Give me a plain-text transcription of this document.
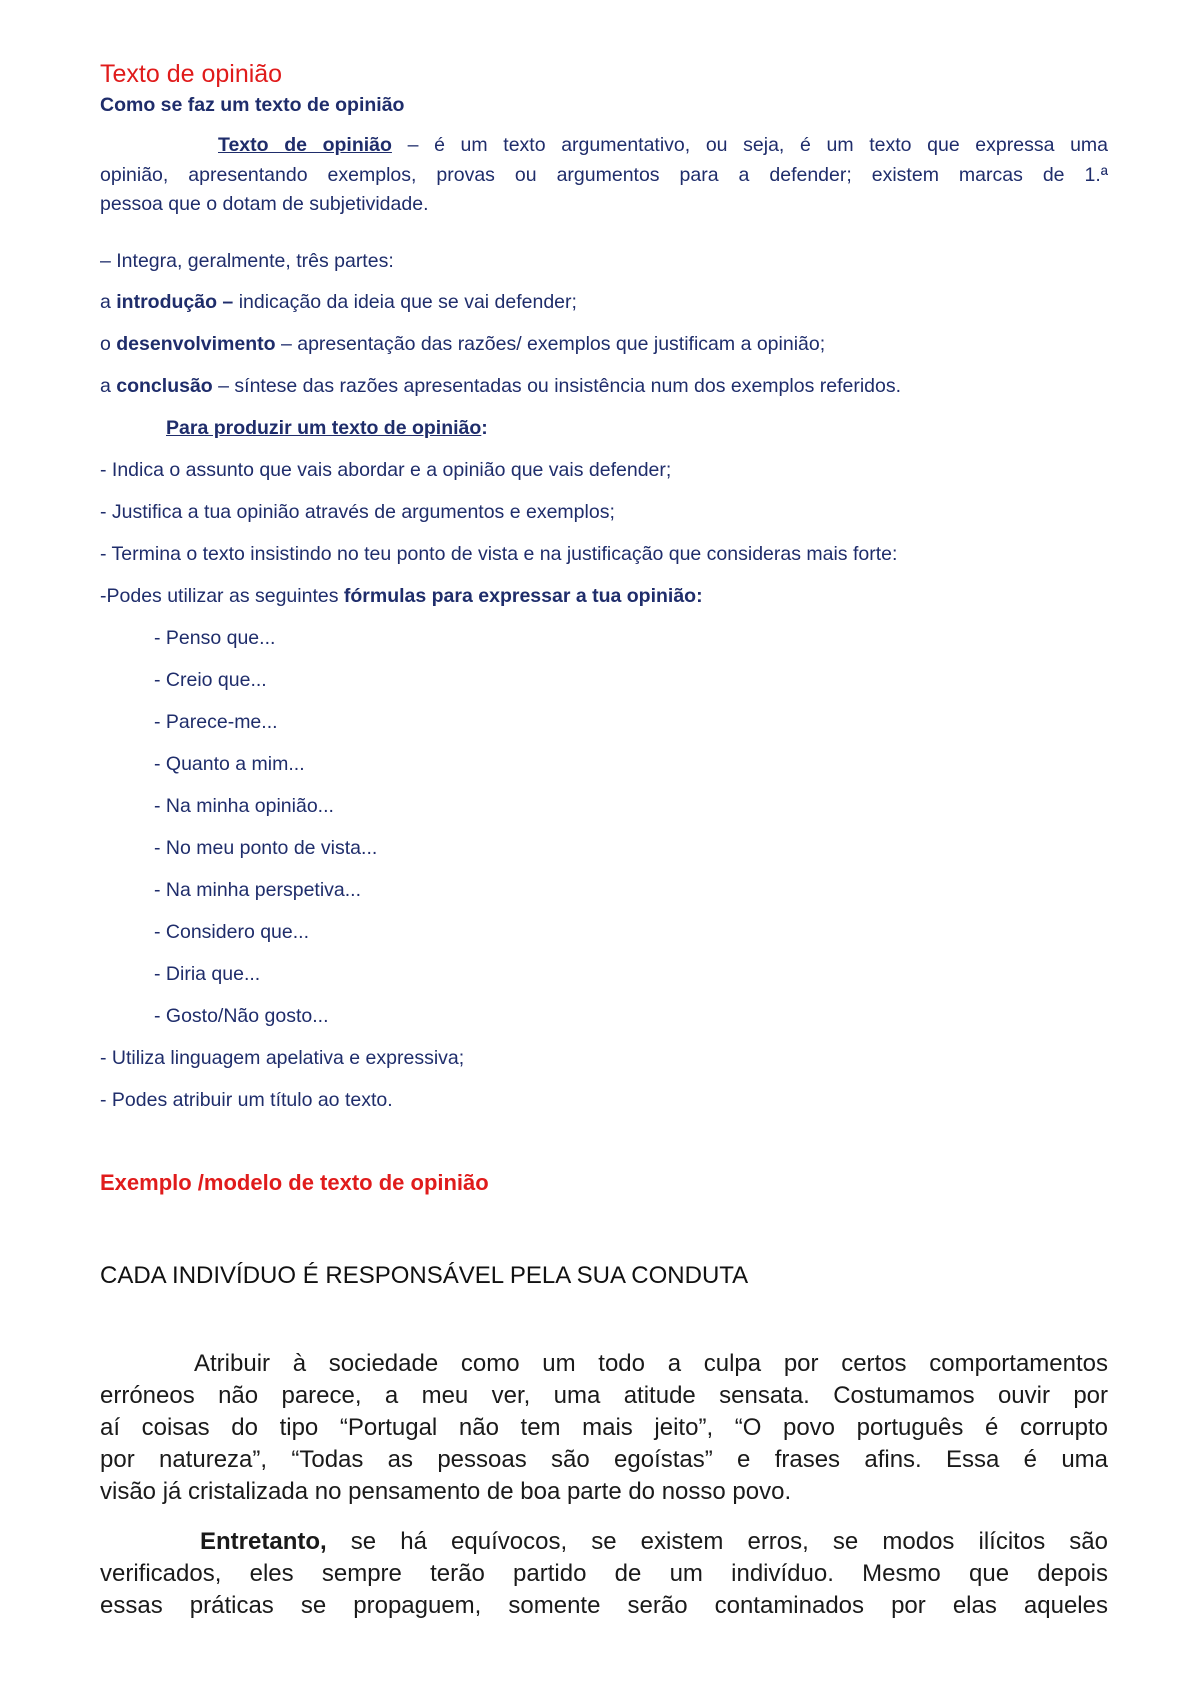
Texto de opinião
Como se faz um texto de opinião
Texto de opinião – é um texto argumentativo, ou seja, é um texto que expressa uma
opinião, apresentando exemplos, provas ou argumentos para a defender; existem marcas de 1.ª
pessoa que o dotam de subjetividade.
– Integra, geralmente, três partes:
a introdução – indicação da ideia que se vai defender;
o desenvolvimento – apresentação das razões/ exemplos que justificam a opinião;
a conclusão – síntese das razões apresentadas ou insistência num dos exemplos referidos.
Para produzir um texto de opinião:
- Indica o assunto que vais abordar e a opinião que vais defender;
- Justifica a tua opinião através de argumentos e exemplos;
- Termina o texto insistindo no teu ponto de vista e na justificação que consideras mais forte:
-Podes utilizar as seguintes fórmulas para expressar a tua opinião:
- Penso que...
- Creio que...
- Parece-me...
- Quanto a mim...
- Na minha opinião...
- No meu ponto de vista...
- Na minha perspetiva...
- Considero que...
- Diria que...
- Gosto/Não gosto...
- Utiliza linguagem apelativa e expressiva;
- Podes atribuir um título ao texto.
Exemplo /modelo de texto de opinião
CADA INDIVÍDUO É RESPONSÁVEL PELA SUA CONDUTA
Atribuir à sociedade como um todo a culpa por certos comportamentos
erróneos não parece, a meu ver, uma atitude sensata. Costumamos ouvir por
aí coisas do tipo “Portugal não tem mais jeito”, “O povo português é corrupto
por natureza”, “Todas as pessoas são egoístas” e frases afins. Essa é uma
visão já cristalizada no pensamento de boa parte do nosso povo.
Entretanto, se há equívocos, se existem erros, se modos ilícitos são
verificados, eles sempre terão partido de um indivíduo. Mesmo que depois
essas práticas se propaguem, somente serão contaminados por elas aqueles
